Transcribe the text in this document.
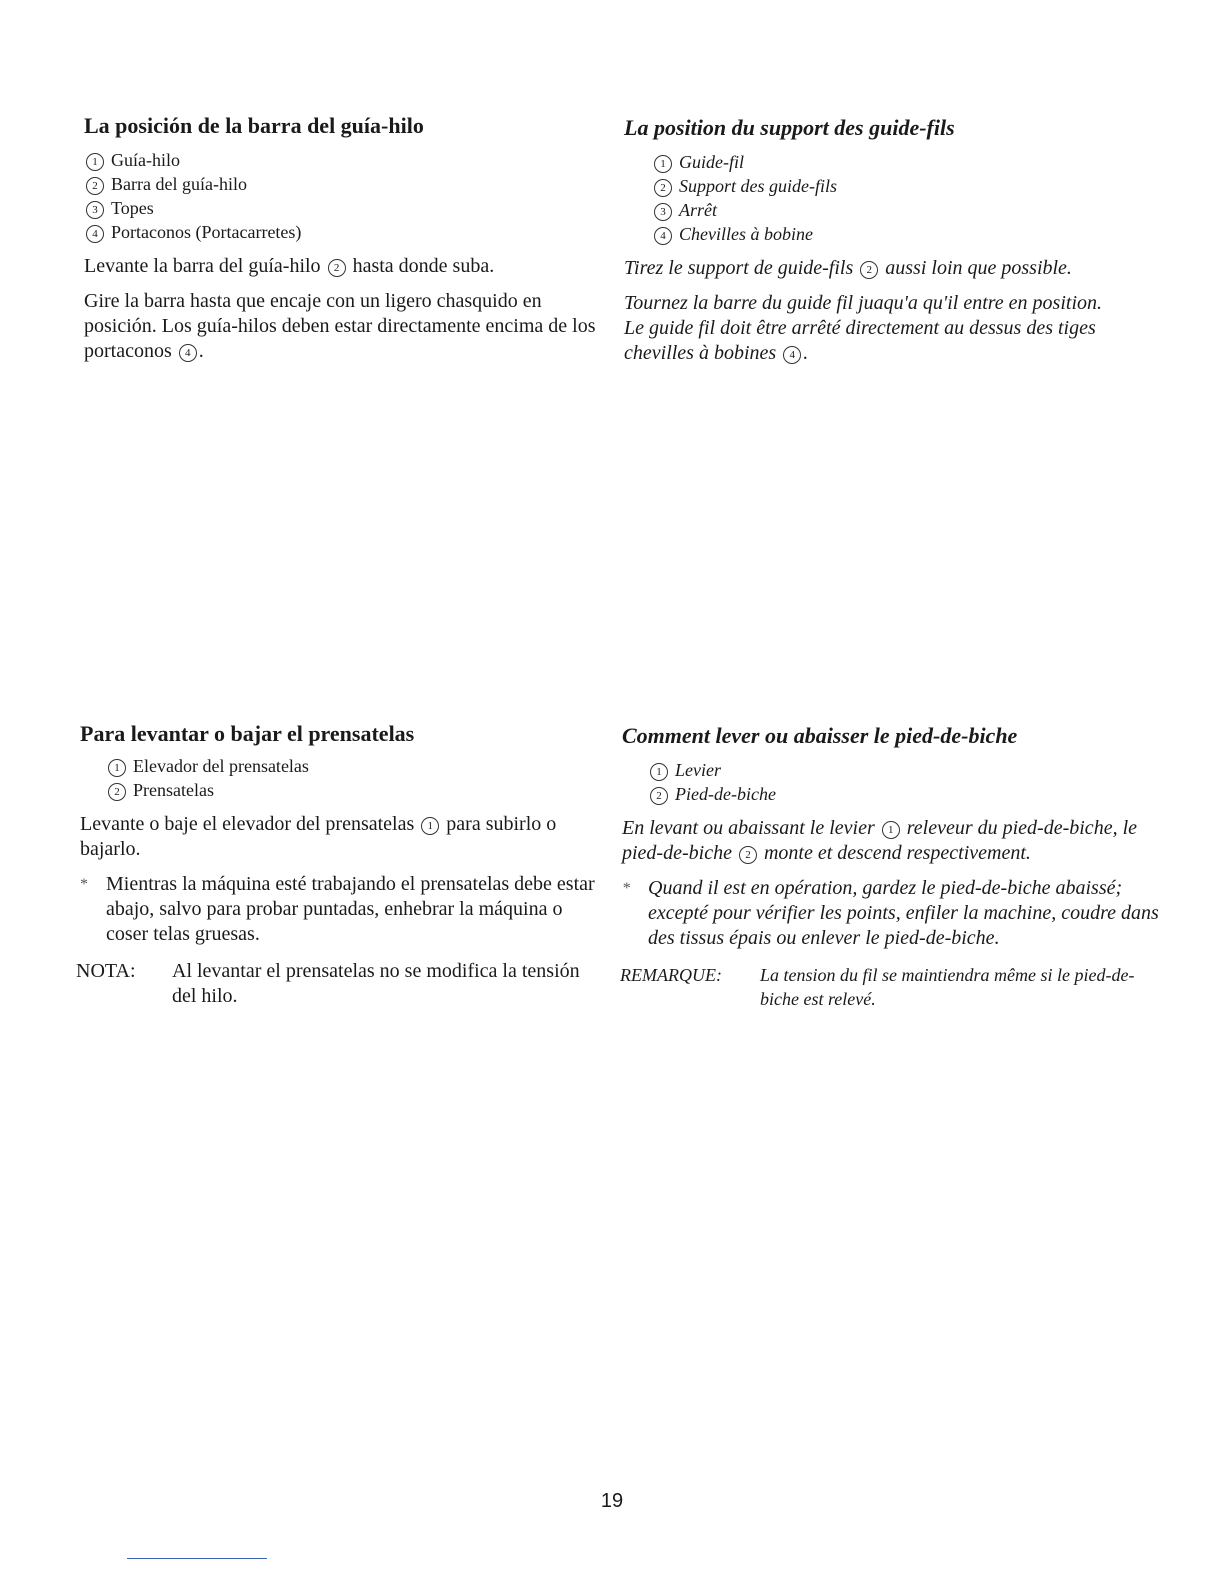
La posición de la barra del guía-hilo
1 Guía-hilo
2 Barra del guía-hilo
3 Topes
4 Portaconos (Portacarretes)

Levante la barra del guía-hilo 2 hasta donde suba.

Gire la barra hasta que encaje con un ligero chasquido en posición. Los guía-hilos deben estar directamente encima de los portaconos 4 .

La position du support des guide-fils
1 Guide-fil
2 Support des guide-fils
3 Arrêt
4 Chevilles à bobine

Tirez le support de guide-fils 2 aussi loin que possible.

Tournez la barre du guide fil juaqu'a qu'il entre en position.

Le guide fil doit être arrêté directement au dessus des tiges chevilles à bobines 4 .

Para levantar o bajar el prensatelas
1 Elevador del prensatelas
2 Prensatelas

Levante o baje el elevador del prensatelas 1 para subirlo o bajarlo.

* Mientras la máquina esté trabajando el prensatelas debe estar abajo, salvo para probar puntadas, enhebrar la máquina o coser telas gruesas.
NOTA:	Al levantar el prensatelas no se modifica la tensión del hilo.
Comment lever ou abaisser le pied-de-biche
1 Levier
2 Pied-de-biche

En levant ou abaissant le levier 1 releveur du pied-de-biche, le pied-de-biche 2 monte et descend respectivement.

* Quand il est en opération, gardez le pied-de-biche abaissé; excepté pour vérifier les points, enfiler la machine, coudre dans des tissus épais ou enlever le pied-de-biche.
REMARQUE:	La tension du fil se maintiendra même si le pied-de-biche est relevé.
19
